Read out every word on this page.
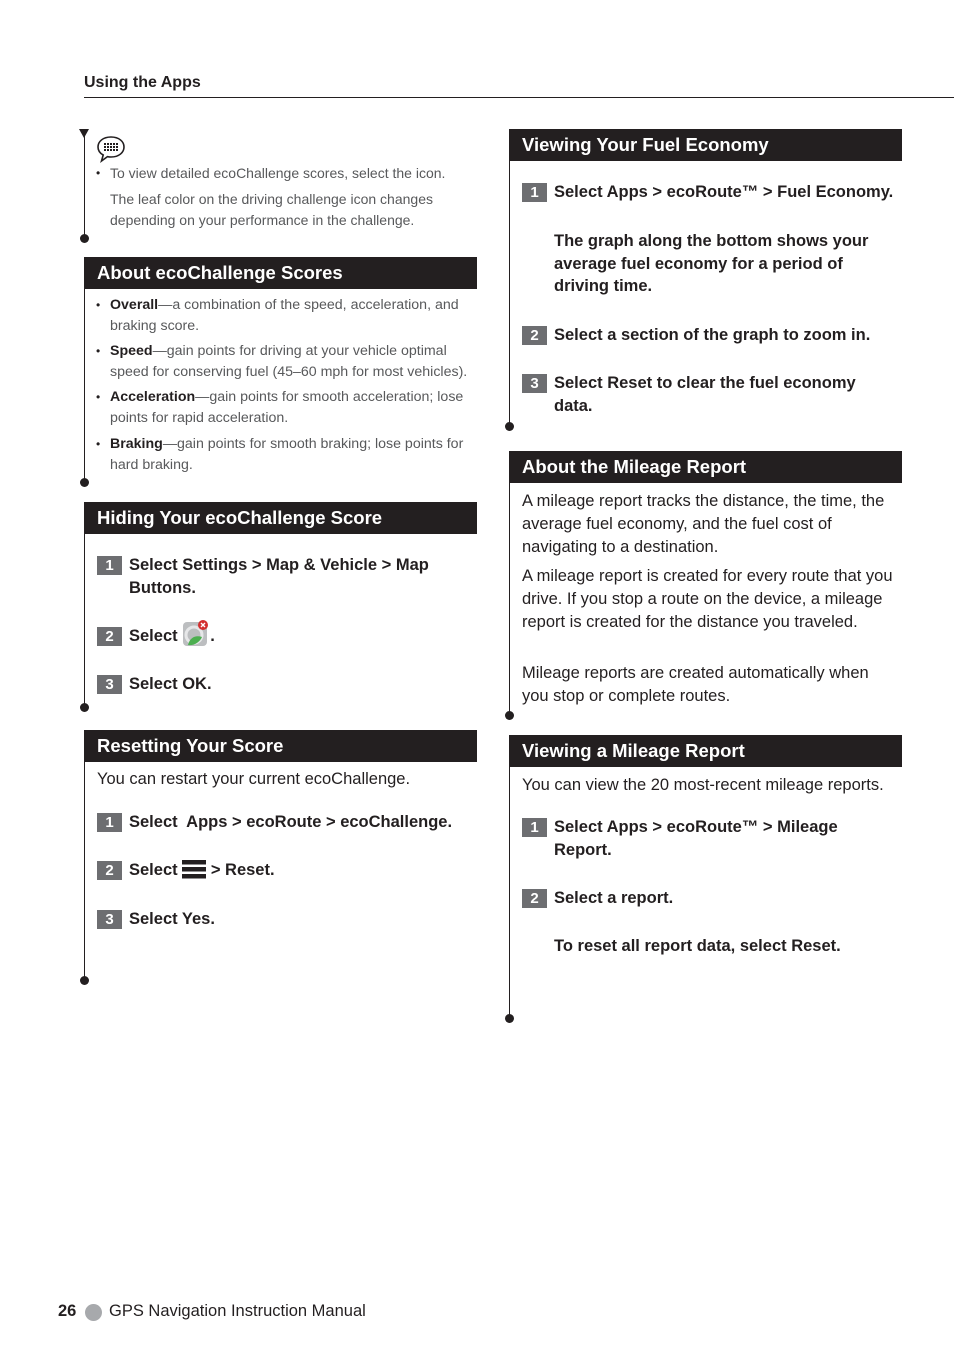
Using the Apps
• To view detailed ecoChallenge scores, select the icon.
The leaf color on the driving challenge icon changes depending on your performance in the challenge.
About ecoChallenge Scores
• Overall—a combination of the speed, acceleration, and braking score.
• Speed—gain points for driving at your vehicle optimal speed for conserving fuel (45–60 mph for most vehicles).
• Acceleration—gain points for smooth acceleration; lose points for rapid acceleration.
• Braking—gain points for smooth braking; lose points for hard braking.
Hiding Your ecoChallenge Score
1 Select Settings > Map & Vehicle > Map Buttons.
2 Select .
3 Select OK.
Resetting Your Score
You can restart your current ecoChallenge.
1 Select  Apps > ecoRoute > ecoChallenge.
2 Select > Reset.
3 Select Yes.
Viewing Your Fuel Economy
1 Select Apps > ecoRoute™ > Fuel Economy.
The graph along the bottom shows your average fuel economy for a period of driving time.
2 Select a section of the graph to zoom in.
3 Select Reset to clear the fuel economy data.
About the Mileage Report
A mileage report tracks the distance, the time, the average fuel economy, and the fuel cost of navigating to a destination.
A mileage report is created for every route that you drive. If you stop a route on the device, a mileage report is created for the distance you traveled.
Mileage reports are created automatically when you stop or complete routes.
Viewing a Mileage Report
You can view the 20 most-recent mileage reports.
1 Select Apps > ecoRoute™ > Mileage Report.
2 Select a report.
To reset all report data, select Reset.
26 GPS Navigation Instruction Manual
